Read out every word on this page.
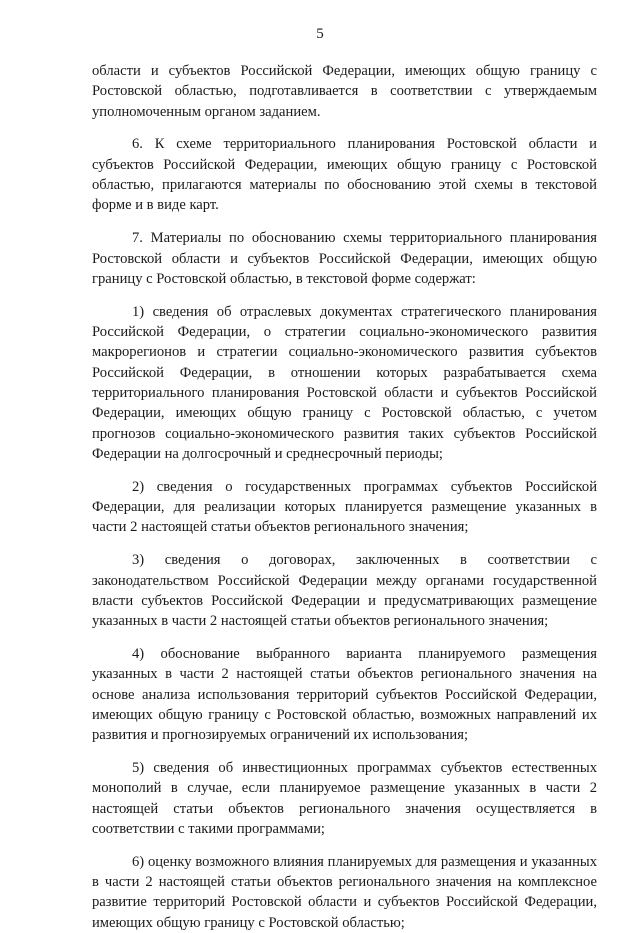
5

области и субъектов Российской Федерации, имеющих общую границу с Ростовской областью, подготавливается в соответствии с утверждаемым уполномоченным органом заданием.

6. К схеме территориального планирования Ростовской области и субъектов Российской Федерации, имеющих общую границу с Ростовской областью, прилагаются материалы по обоснованию этой схемы в текстовой форме и в виде карт.

7. Материалы по обоснованию схемы территориального планирования Ростовской области и субъектов Российской Федерации, имеющих общую границу с Ростовской областью, в текстовой форме содержат:

1) сведения об отраслевых документах стратегического планирования Российской Федерации, о стратегии социально-экономического развития макрорегионов и стратегии социально-экономического развития субъектов Российской Федерации, в отношении которых разрабатывается схема территориального планирования Ростовской области и субъектов Российской Федерации, имеющих общую границу с Ростовской областью, с учетом прогнозов социально-экономического развития таких субъектов Российской Федерации на долгосрочный и среднесрочный периоды;

2) сведения о государственных программах субъектов Российской Федерации, для реализации которых планируется размещение указанных в части 2 настоящей статьи объектов регионального значения;

3) сведения о договорах, заключенных в соответствии с законодательством Российской Федерации между органами государственной власти субъектов Российской Федерации и предусматривающих размещение указанных в части 2 настоящей статьи объектов регионального значения;

4) обоснование выбранного варианта планируемого размещения указанных в части 2 настоящей статьи объектов регионального значения на основе анализа использования территорий субъектов Российской Федерации, имеющих общую границу с Ростовской областью, возможных направлений их развития и прогнозируемых ограничений их использования;

5) сведения об инвестиционных программах субъектов естественных монополий в случае, если планируемое размещение указанных в части 2 настоящей статьи объектов регионального значения осуществляется в соответствии с такими программами;

6) оценку возможного влияния планируемых для размещения и указанных в части 2 настоящей статьи объектов регионального значения на комплексное развитие территорий Ростовской области и субъектов Российской Федерации, имеющих общую границу с Ростовской областью;
